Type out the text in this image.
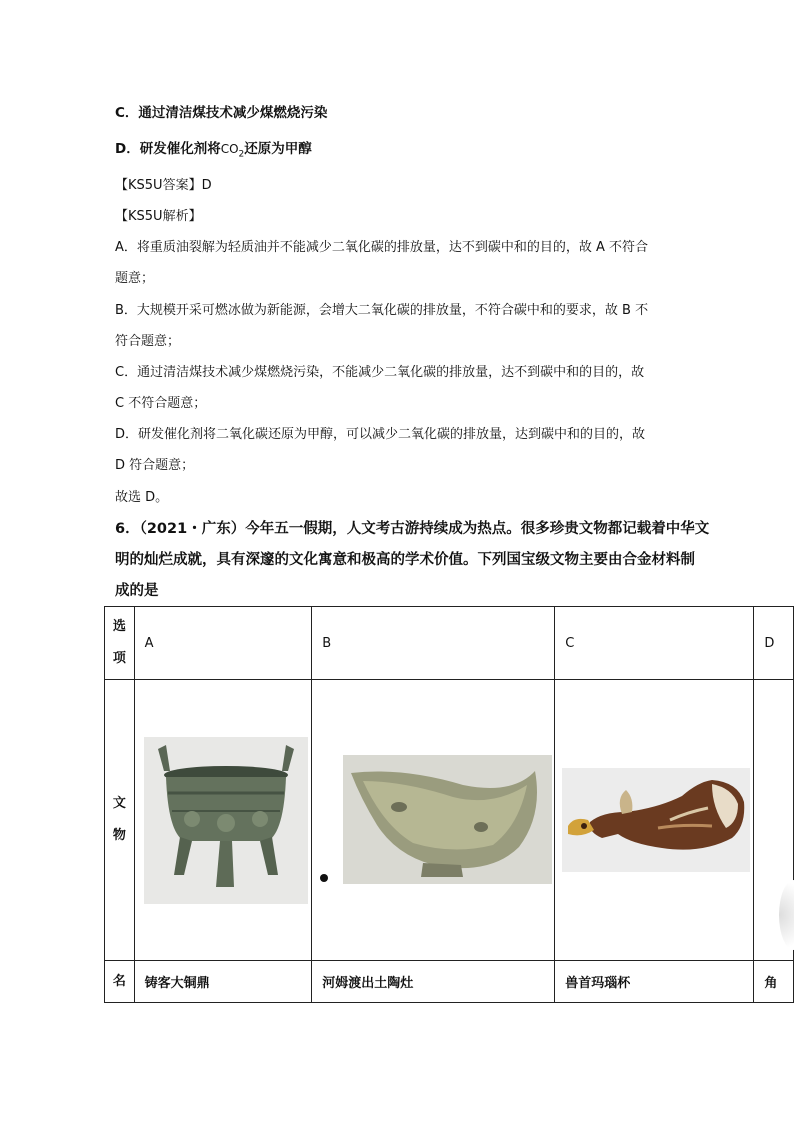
C．通过清洁煤技术减少煤燃烧污染
D．研发催化剂将$CO_2$还原为甲醇
【KS5U答案】D
【KS5U解析】
A．将重质油裂解为轻质油并不能减少二氧化碳的排放量，达不到碳中和的目的，故 A 不符合
题意；
B．大规模开采可燃冰做为新能源，会增大二氧化碳的排放量，不符合碳中和的要求，故 B 不
符合题意；
C．通过清洁煤技术减少煤燃烧污染，不能减少二氧化碳的排放量，达不到碳中和的目的，故
C 不符合题意；
D．研发催化剂将二氧化碳还原为甲醇，可以减少二氧化碳的排放量，达到碳中和的目的，故
D 符合题意；
故选 D。
6．（2021・广东）今年五一假期，人文考古游持续成为热点。很多珍贵文物都记载着中华文
明的灿烂成就，具有深邃的文化寓意和极高的学术价值。下列国宝级文物主要由合金材料制
成的是
选
项	A	B	C	D

文
物

名	铸客大铜鼎	河姆渡出土陶灶	兽首玛瑙杯	角
